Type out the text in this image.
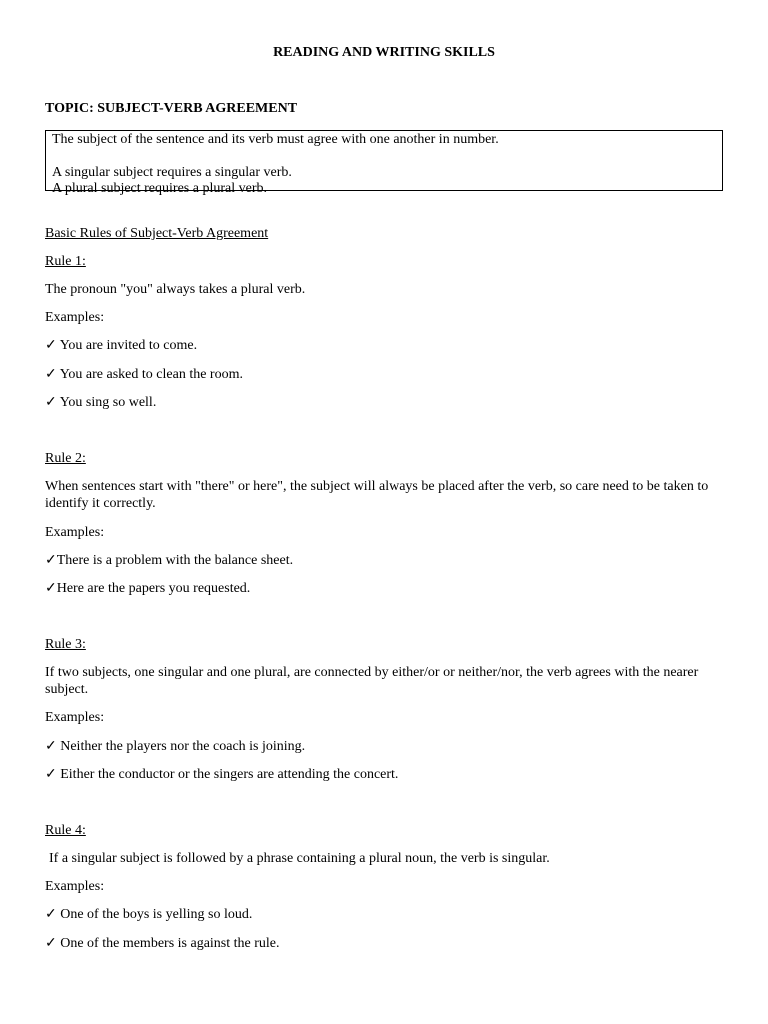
READING AND WRITING SKILLS

TOPIC: SUBJECT-VERB AGREEMENT

The subject of the sentence and its verb must agree with one another in number.
A singular subject requires a singular verb.
A plural subject requires a plural verb.

Basic Rules of Subject-Verb Agreement

Rule 1:

The pronoun "you" always takes a plural verb.

Examples:

✓ You are invited to come.

✓ You are asked to clean the room.

✓ You sing so well.

Rule 2:

When sentences start with "there" or here", the subject will always be placed after the verb, so care need to be taken to identify it correctly.

Examples:

✓There is a problem with the balance sheet.

✓Here are the papers you requested.

Rule 3:

If two subjects, one singular and one plural, are connected by either/or or neither/nor, the verb agrees with the nearer subject.

Examples:

✓ Neither the players nor the coach is joining.

✓ Either the conductor or the singers are attending the concert.

Rule 4:

If a singular subject is followed by a phrase containing a plural noun, the verb is singular.

Examples:

✓ One of the boys is yelling so loud.

✓ One of the members is against the rule.
